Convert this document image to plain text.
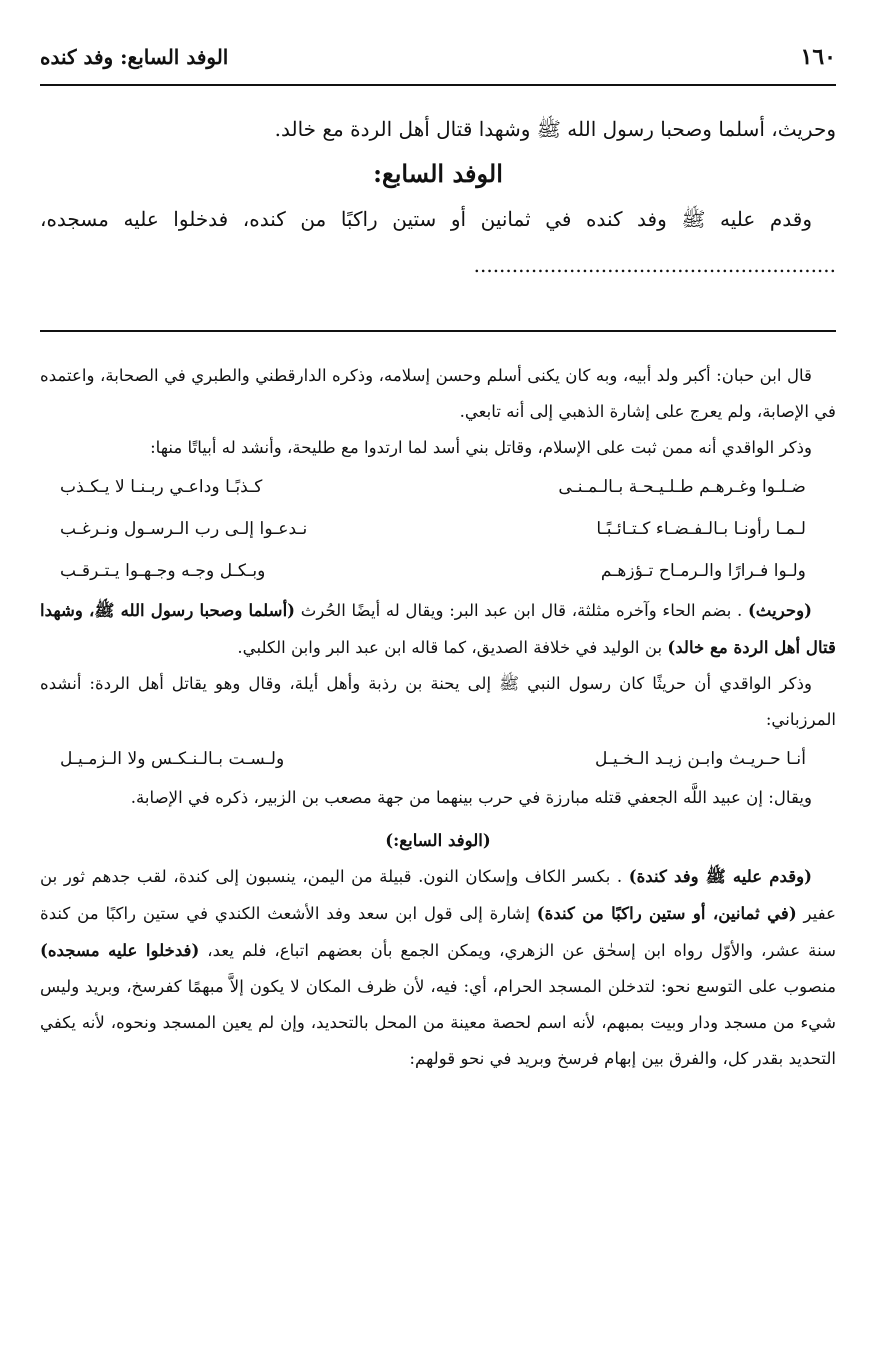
١٦٠
الوفد السابع: وفد كنده

وحريث، أسلما وصحبا رسول الله ﷺ وشهدا قتال أهل الردة مع خالد.

الوفد السابع:

وقدم عليه ﷺ وفد كنده في ثمانين أو ستين راكبًا من كنده، فدخلوا عليه مسجده، .........................................................

قال ابن حبان: أكبر ولد أبيه، وبه كان يكنى أسلم وحسن إسلامه، وذكره الدارقطني والطبري في الصحابة، واعتمده في الإصابة، ولم يعرج على إشارة الذهبي إلى أنه تابعي.

وذكر الواقدي أنه ممن ثبت على الإسلام، وقاتل بني أسد لما ارتدوا مع طليحة، وأنشد له أبياتًا منها:

ضـلـوا وغـرهـم طـلـيـحـة بـالـمـنـى
كـذبًـا وداعـي ربـنـا لا يـكـذب
لـمـا رأونـا بـالـفـضـاء كـتـائـبًـا
نـدعـوا إلـى رب الـرسـول ونـرغـب
ولـوا فـرارًا والـرمـاح تـؤزهـم
وبـكـل وجـه وجـهـوا يـتـرقـب

(وحريث) . بضم الحاء وآخره مثلثة، قال ابن عبد البر: ويقال له أيضًا الحُرث (أسلما وصحبا رسول الله ﷺ، وشهدا قتال أهل الردة مع خالد) بن الوليد في خلافة الصديق، كما قاله ابن عبد البر وابن الكلبي.

وذكر الواقدي أن حريثًا كان رسول النبي ﷺ إلى يحنة بن رذبة وأهل أيلة، وقال وهو يقاتل أهل الردة: أنشده المرزباني:

أنـا حـريـث وابـن زيـد الـخـيـل
ولـسـت بـالـنـكـس ولا الـزمـيـل

ويقال: إن عبيد اللَّه الجعفي قتله مبارزة في حرب بينهما من جهة مصعب بن الزبير، ذكره في الإصابة.

(الوفد السابع:)

(وقدم عليه ﷺ وفد كندة) . بكسر الكاف وإسكان النون. قبيلة من اليمن، ينسبون إلى كندة، لقب جدهم ثور بن عفير (في ثمانين، أو ستين راكبًا من كندة) إشارة إلى قول ابن سعد وفد الأشعث الكندي في ستين راكبًا من كندة سنة عشر، والأوّل رواه ابن إسحٰق عن الزهري، ويمكن الجمع بأن بعضهم اتباع، فلم يعد، (فدخلوا عليه مسجده) منصوب على التوسع نحو: لتدخلن المسجد الحرام، أي: فيه، لأن ظرف المكان لا يكون إلاَّ مبهمًا كفرسخ، وبريد وليس شيء من مسجد ودار وبيت بمبهم، لأنه اسم لحصة معينة من المحل بالتحديد، وإن لم يعين المسجد ونحوه، لأنه يكفي التحديد بقدر كل، والفرق بين إبهام فرسخ وبريد في نحو قولهم:
